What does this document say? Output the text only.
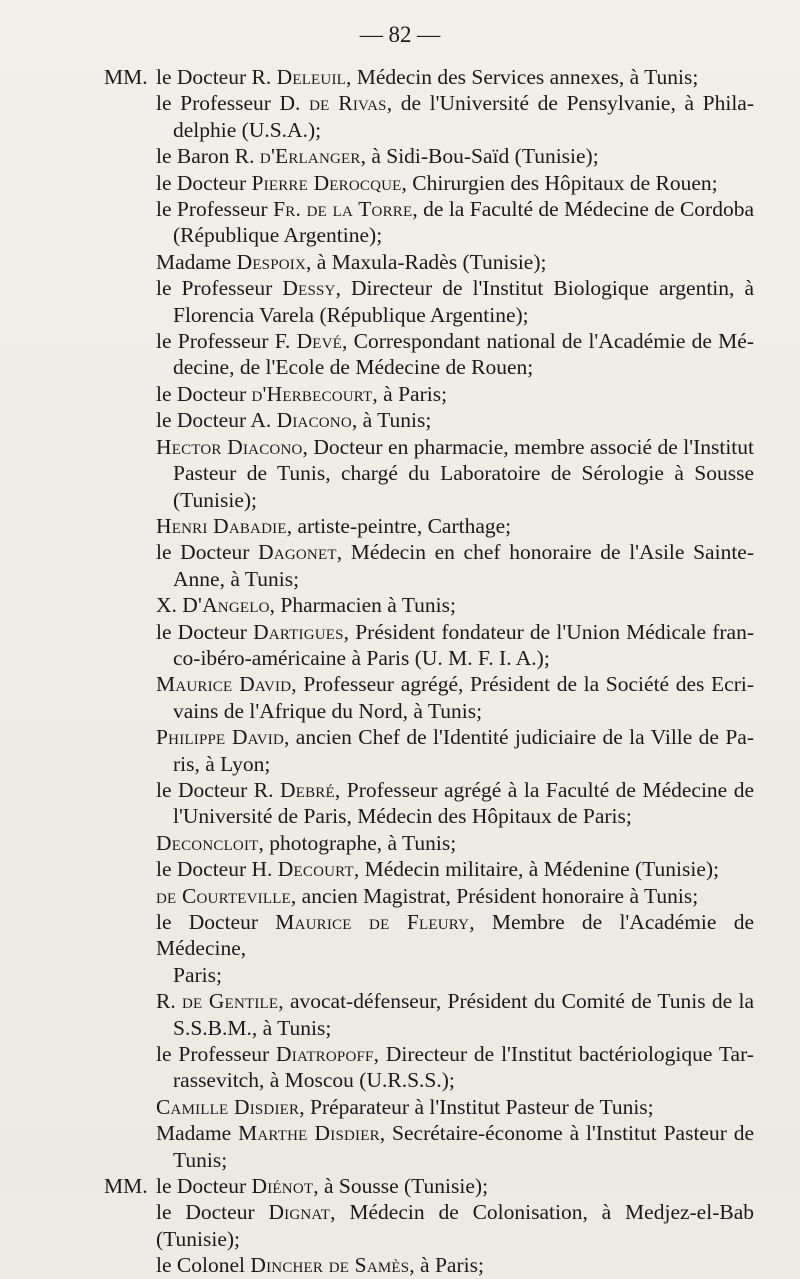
— 82 —
MM. le Docteur R. Deleuil, Médecin des Services annexes, à Tunis;
le Professeur D. de Rivas, de l'Université de Pensylvanie, à Phila-
delphie (U.S.A.);
le Baron R. d'Erlanger, à Sidi-Bou-Saïd (Tunisie);
le Docteur Pierre Derocque, Chirurgien des Hôpitaux de Rouen;
le Professeur Fr. de la Torre, de la Faculté de Médecine de Cordoba
(République Argentine);
Madame Despoix, à Maxula-Radès (Tunisie);
le Professeur Dessy, Directeur de l'Institut Biologique argentin, à
Florencia Varela (République Argentine);
le Professeur F. Devé, Correspondant national de l'Académie de Mé-
decine, de l'Ecole de Médecine de Rouen;
le Docteur d'Herbecourt, à Paris;
le Docteur A. Diacono, à Tunis;
Hector Diacono, Docteur en pharmacie, membre associé de l'Institut
Pasteur de Tunis, chargé du Laboratoire de Sérologie à Sousse
(Tunisie);
Henri Dabadie, artiste-peintre, Carthage;
le Docteur Dagonet, Médecin en chef honoraire de l'Asile Sainte-
Anne, à Tunis;
X. D'Angelo, Pharmacien à Tunis;
le Docteur Dartigues, Président fondateur de l'Union Médicale fran-
co-ibéro-américaine à Paris (U. M. F. I. A.);
Maurice David, Professeur agrégé, Président de la Société des Ecri-
vains de l'Afrique du Nord, à Tunis;
Philippe David, ancien Chef de l'Identité judiciaire de la Ville de Pa-
ris, à Lyon;
le Docteur R. Debré, Professeur agrégé à la Faculté de Médecine de
l'Université de Paris, Médecin des Hôpitaux de Paris;
Deconcloit, photographe, à Tunis;
le Docteur H. Decourt, Médecin militaire, à Médenine (Tunisie);
de Courteville, ancien Magistrat, Président honoraire à Tunis;
le Docteur Maurice de Fleury, Membre de l'Académie de Médecine,
Paris;
R. de Gentile, avocat-défenseur, Président du Comité de Tunis de la
S.S.B.M., à Tunis;
le Professeur Diatropoff, Directeur de l'Institut bactériologique Tar-
rassevitch, à Moscou (U.R.S.S.);
Camille Disdier, Préparateur à l'Institut Pasteur de Tunis;
Madame Marthe Disdier, Secrétaire-économe à l'Institut Pasteur de
Tunis;
MM. le Docteur Diénot, à Sousse (Tunisie);
le Docteur Dignat, Médecin de Colonisation, à Medjez-el-Bab (Tunisie);
le Colonel Dincher de Samès, à Paris;
